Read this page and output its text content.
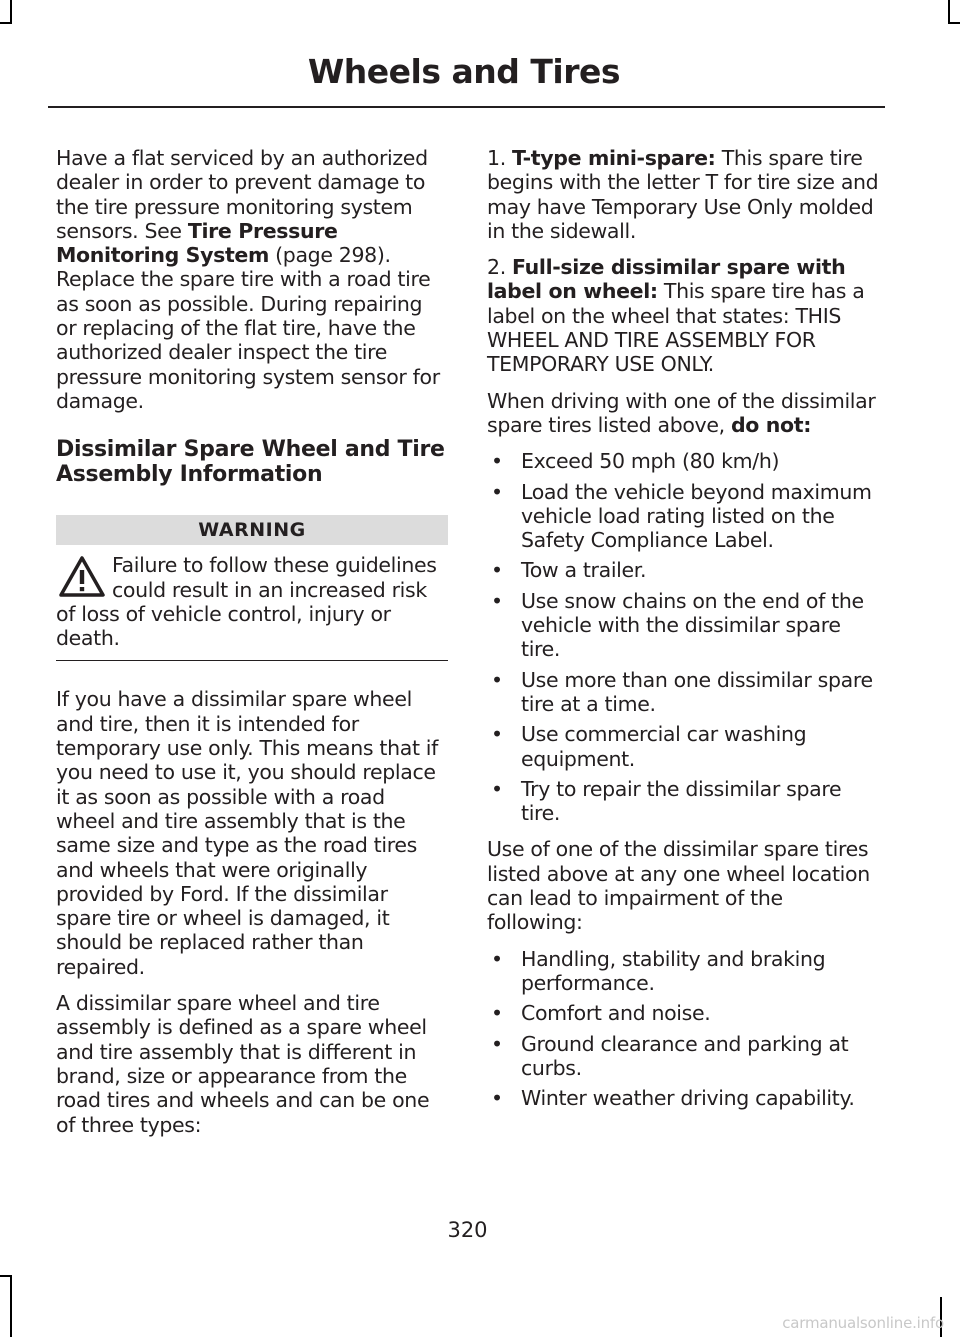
Wheels and Tires

Have a flat serviced by an authorized dealer in order to prevent damage to the tire pressure monitoring system sensors. See Tire Pressure Monitoring System (page 298). Replace the spare tire with a road tire as soon as possible. During repairing or replacing of the flat tire, have the authorized dealer inspect the tire pressure monitoring system sensor for damage.

Dissimilar Spare Wheel and Tire Assembly Information
WARNING
Failure to follow these guidelines could result in an increased risk of loss of vehicle control, injury or death.

If you have a dissimilar spare wheel and tire, then it is intended for temporary use only. This means that if you need to use it, you should replace it as soon as possible with a road wheel and tire assembly that is the same size and type as the road tires and wheels that were originally provided by Ford. If the dissimilar spare tire or wheel is damaged, it should be replaced rather than repaired.

A dissimilar spare wheel and tire assembly is defined as a spare wheel and tire assembly that is different in brand, size or appearance from the road tires and wheels and can be one of three types:

1. T-type mini-spare: This spare tire begins with the letter T for tire size and may have Temporary Use Only molded in the sidewall.

2. Full-size dissimilar spare with label on wheel: This spare tire has a label on the wheel that states: THIS WHEEL AND TIRE ASSEMBLY FOR TEMPORARY USE ONLY.

When driving with one of the dissimilar spare tires listed above, do not:

• Exceed 50 mph (80 km/h)
• Load the vehicle beyond maximum vehicle load rating listed on the Safety Compliance Label.
• Tow a trailer.
• Use snow chains on the end of the vehicle with the dissimilar spare tire.
• Use more than one dissimilar spare tire at a time.
• Use commercial car washing equipment.
• Try to repair the dissimilar spare tire.

Use of one of the dissimilar spare tires listed above at any one wheel location can lead to impairment of the following:

• Handling, stability and braking performance.
• Comfort and noise.
• Ground clearance and parking at curbs.
• Winter weather driving capability.
320
carmanualsonline.info
